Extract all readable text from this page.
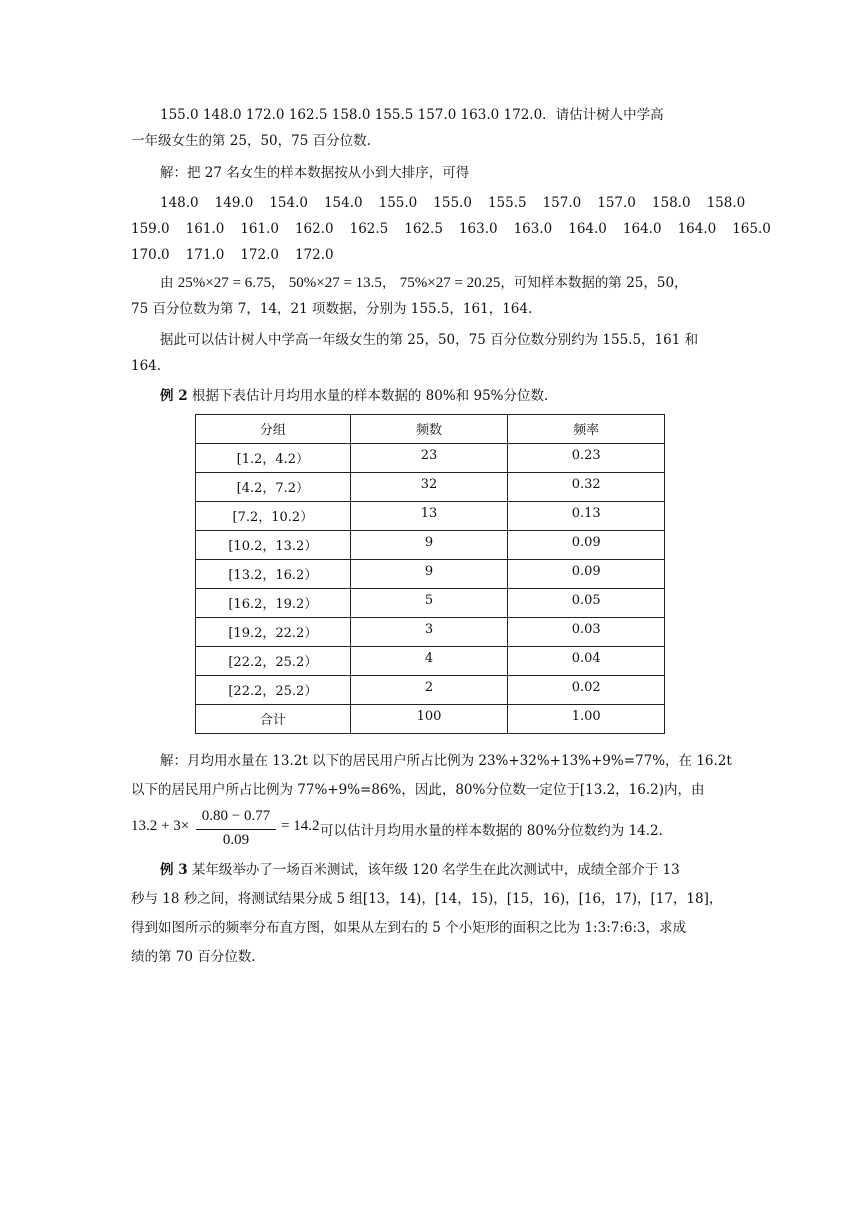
155.0 148.0 172.0 162.5 158.0 155.5 157.0 163.0 172.0．请估计树人中学高
一年级女生的第 25，50，75 百分位数.
解：把 27 名女生的样本数据按从小到大排序，可得
148.0 149.0 154.0 154.0 155.0 155.0 155.5 157.0 157.0 158.0 158.0
159.0 161.0 161.0 162.0 162.5 162.5 163.0 163.0 164.0 164.0 164.0 165.0
170.0 171.0 172.0 172.0
由 25%×27 = 6.75， 50%×27 = 13.5， 75%×27 = 20.25，可知样本数据的第 25，50，
75 百分位数为第 7，14，21 项数据，分别为 155.5，161，164.
据此可以估计树人中学高一年级女生的第 25，50，75 百分位数分别约为 155.5，161 和
164.
例 2 根据下表估计月均用水量的样本数据的 80%和 95%分位数.
分组	频数	频率
[1.2，4.2）	23	0.23
[4.2，7.2）	32	0.32
[7.2，10.2）	13	0.13
[10.2，13.2）	9	0.09
[13.2，16.2）	9	0.09
[16.2，19.2）	5	0.05
[19.2，22.2）	3	0.03
[22.2，25.2）	4	0.04
[22.2，25.2）	2	0.02
合计	100	1.00
解：月均用水量在 13.2t 以下的居民用户所占比例为 23%+32%+13%+9%=77%，在 16.2t
以下的居民用户所占比例为 77%+9%=86%，因此，80%分位数一定位于[13.2，16.2)内，由
13.2 + 3×
0.80 − 0.77
0.09
= 14.2 可以估计月均用水量的样本数据的 80%分位数约为 14.2.
例 3 某年级举办了一场百米测试，该年级 120 名学生在此次测试中，成绩全部介于 13
秒与 18 秒之间，将测试结果分成 5 组[13，14)，[14，15)，[15，16)，[16，17)，[17，18]，
得到如图所示的频率分布直方图，如果从左到右的 5 个小矩形的面积之比为 1:3:7:6:3，求成
绩的第 70 百分位数.
